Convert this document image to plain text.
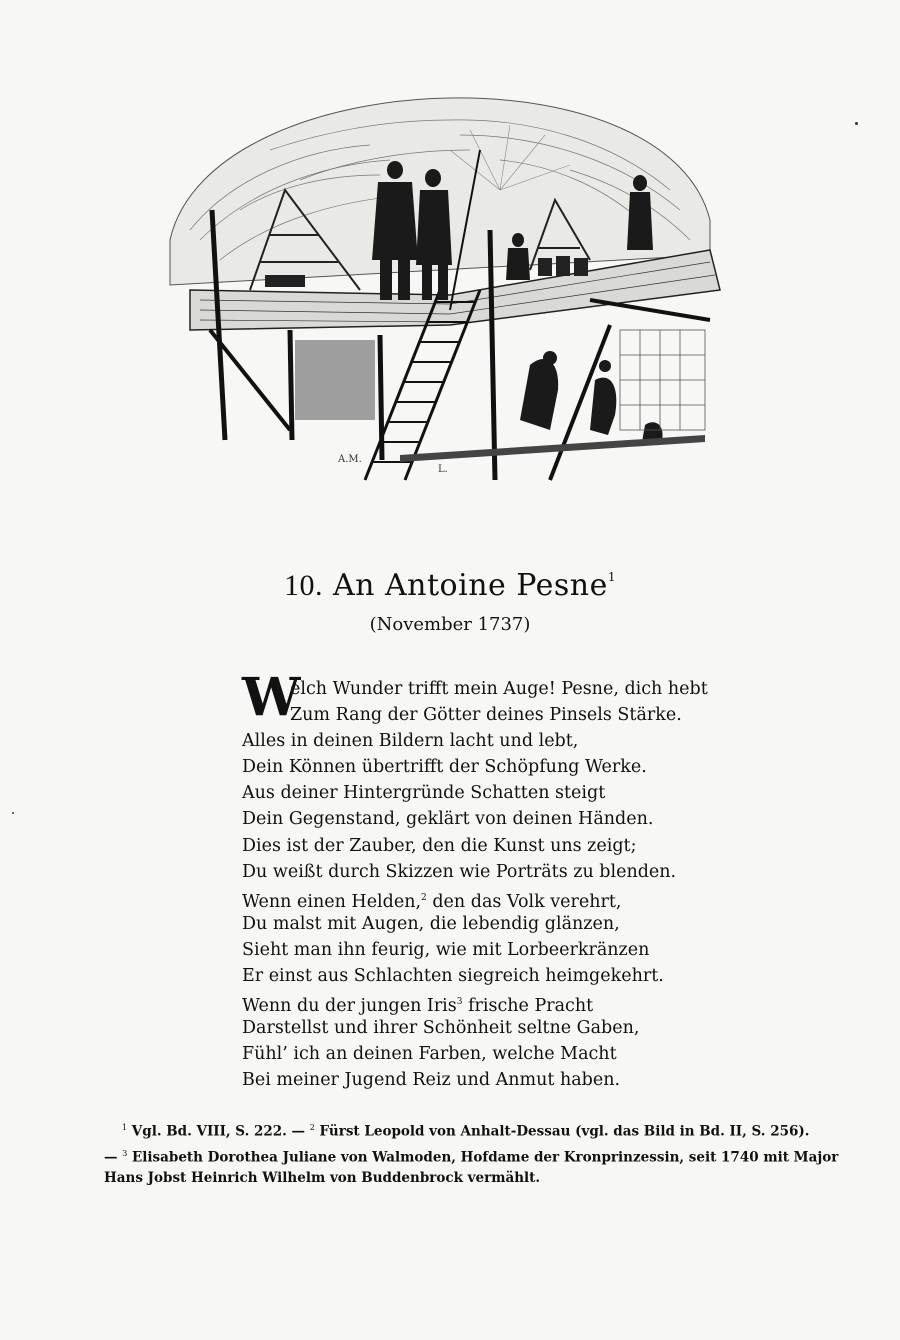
A.M.
L.
10. An Antoine Pesne$^1$
(November 1737)
W
elch Wunder trifft mein Auge! Pesne, dich hebt
Zum Rang der Götter deines Pinsels Stärke.
Alles in deinen Bildern lacht und lebt,
Dein Können übertrifft der Schöpfung Werke.
Aus deiner Hintergründe Schatten steigt
Dein Gegenstand, geklärt von deinen Händen.
Dies ist der Zauber, den die Kunst uns zeigt;
Du weißt durch Skizzen wie Porträts zu blenden.
Wenn einen Helden,$^2$ den das Volk verehrt,
Du malst mit Augen, die lebendig glänzen,
Sieht man ihn feurig, wie mit Lorbeerkränzen
Er einst aus Schlachten siegreich heimgekehrt.
Wenn du der jungen Iris$^3$ frische Pracht
Darstellst und ihrer Schönheit seltne Gaben,
Fühl’ ich an deinen Farben, welche Macht
Bei meiner Jugend Reiz und Anmut haben.
$^1$ Vgl. Bd. VIII, S. 222. — $^2$ Fürst Leopold von Anhalt-Dessau (vgl. das Bild in Bd. II, S. 256).
— $^3$ Elisabeth Dorothea Juliane von Walmoden, Hofdame der Kronprinzessin, seit 1740 mit Major
Hans Jobst Heinrich Wilhelm von Buddenbrock vermählt.
